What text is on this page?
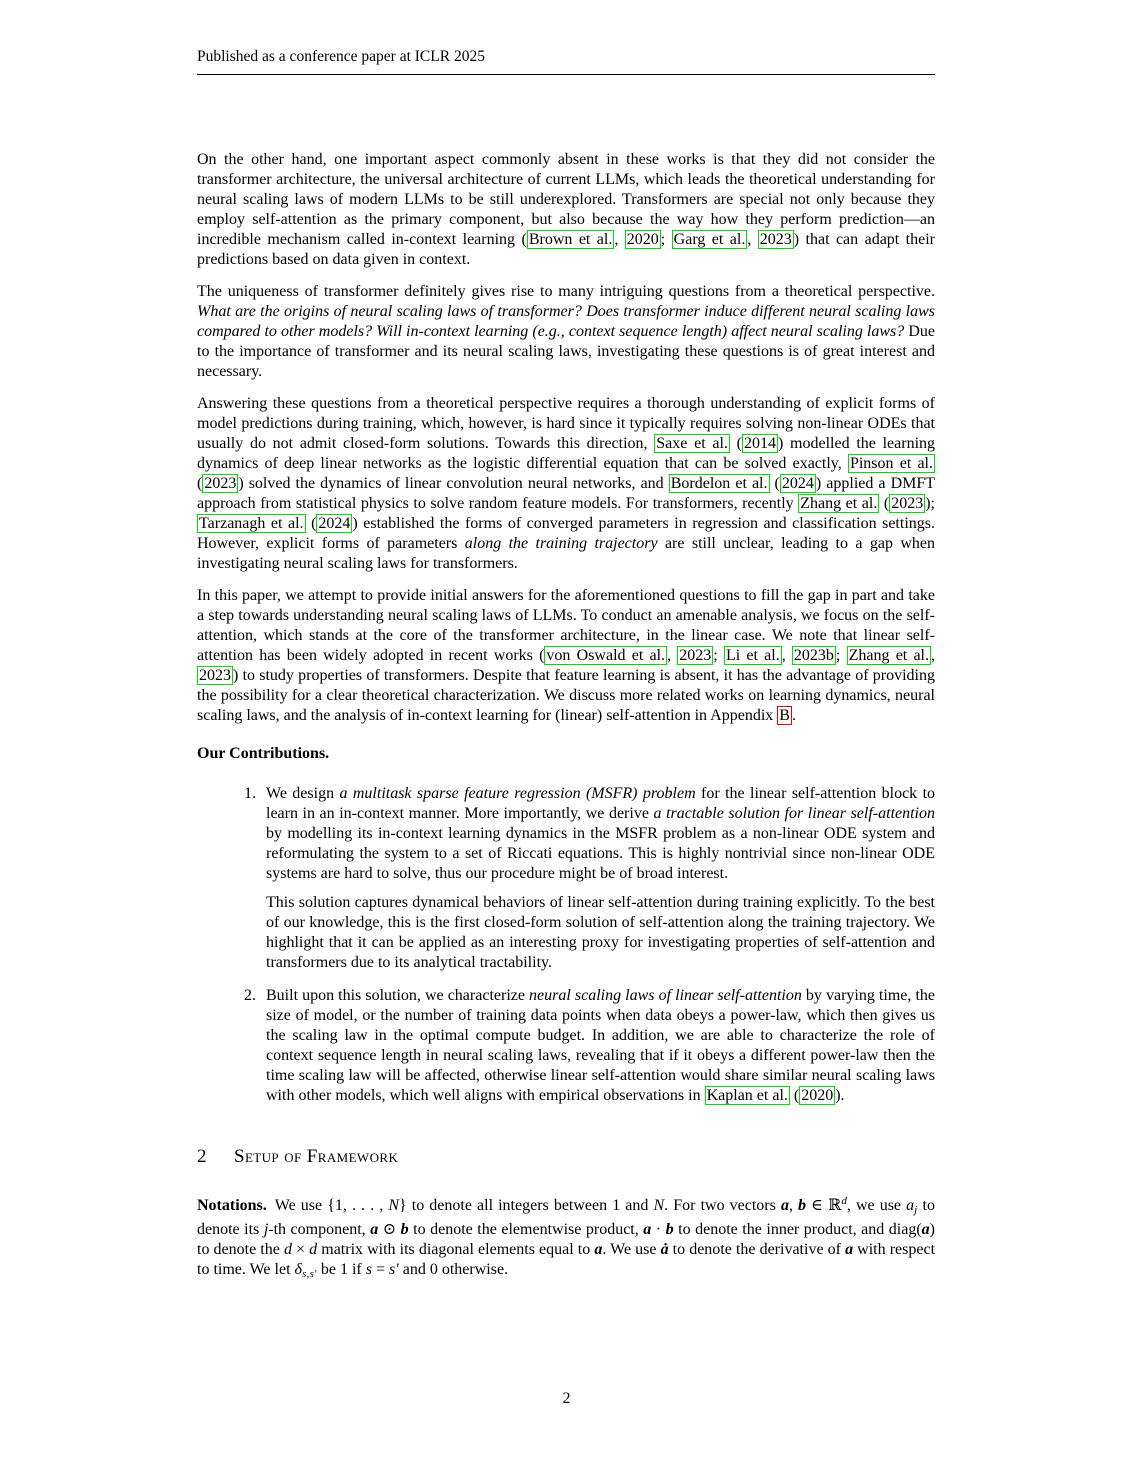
Published as a conference paper at ICLR 2025
On the other hand, one important aspect commonly absent in these works is that they did not consider the transformer architecture, the universal architecture of current LLMs, which leads the theoretical understanding for neural scaling laws of modern LLMs to be still underexplored. Transformers are special not only because they employ self-attention as the primary component, but also because the way how they perform prediction—an incredible mechanism called in-context learning ( Brown et al. , 2020 ; Garg et al. , 2023 ) that can adapt their predictions based on data given in context.
The uniqueness of transformer definitely gives rise to many intriguing questions from a theoretical perspective. What are the origins of neural scaling laws of transformer? Does transformer induce different neural scaling laws compared to other models? Will in-context learning (e.g., context sequence length) affect neural scaling laws? Due to the importance of transformer and its neural scaling laws, investigating these questions is of great interest and necessary.
Answering these questions from a theoretical perspective requires a thorough understanding of explicit forms of model predictions during training, which, however, is hard since it typically requires solving non-linear ODEs that usually do not admit closed-form solutions. Towards this direction, Saxe et al. ( 2014 ) modelled the learning dynamics of deep linear networks as the logistic differential equation that can be solved exactly, Pinson et al. ( 2023 ) solved the dynamics of linear convolution neural networks, and Bordelon et al. ( 2024 ) applied a DMFT approach from statistical physics to solve random feature models. For transformers, recently Zhang et al. ( 2023 ); Tarzanagh et al. ( 2024 ) established the forms of converged parameters in regression and classification settings. However, explicit forms of parameters along the training trajectory are still unclear, leading to a gap when investigating neural scaling laws for transformers.
In this paper, we attempt to provide initial answers for the aforementioned questions to fill the gap in part and take a step towards understanding neural scaling laws of LLMs. To conduct an amenable analysis, we focus on the self-attention, which stands at the core of the transformer architecture, in the linear case. We note that linear self-attention has been widely adopted in recent works ( von Oswald et al. , 2023 ; Li et al. , 2023b ; Zhang et al. , 2023 ) to study properties of transformers. Despite that feature learning is absent, it has the advantage of providing the possibility for a clear theoretical characterization. We discuss more related works on learning dynamics, neural scaling laws, and the analysis of in-context learning for (linear) self-attention in Appendix B .
Our Contributions.
1. We design a multitask sparse feature regression (MSFR) problem for the linear self-attention block to learn in an in-context manner. More importantly, we derive a tractable solution for linear self-attention by modelling its in-context learning dynamics in the MSFR problem as a non-linear ODE system and reformulating the system to a set of Riccati equations. This is highly nontrivial since non-linear ODE systems are hard to solve, thus our procedure might be of broad interest.
This solution captures dynamical behaviors of linear self-attention during training explicitly. To the best of our knowledge, this is the first closed-form solution of self-attention along the training trajectory. We highlight that it can be applied as an interesting proxy for investigating properties of self-attention and transformers due to its analytical tractability.
2. Built upon this solution, we characterize neural scaling laws of linear self-attention by varying time, the size of model, or the number of training data points when data obeys a power-law, which then gives us the scaling law in the optimal compute budget. In addition, we are able to characterize the role of context sequence length in neural scaling laws, revealing that if it obeys a different power-law then the time scaling law will be affected, otherwise linear self-attention would share similar neural scaling laws with other models, which well aligns with empirical observations in Kaplan et al. ( 2020 ).
2 Setup of Framework
Notations. We use {1, . . . , N} to denote all integers between 1 and N. For two vectors a, b ∈ ℝ$^d$, we use aj to denote its j-th component, a ⊙ b to denote the elementwise product, a · b to denote the inner product, and diag(a) to denote the d × d matrix with its diagonal elements equal to a. We use ȧ to denote the derivative of a with respect to time. We let δs,s′ be 1 if s = s′ and 0 otherwise.
2
